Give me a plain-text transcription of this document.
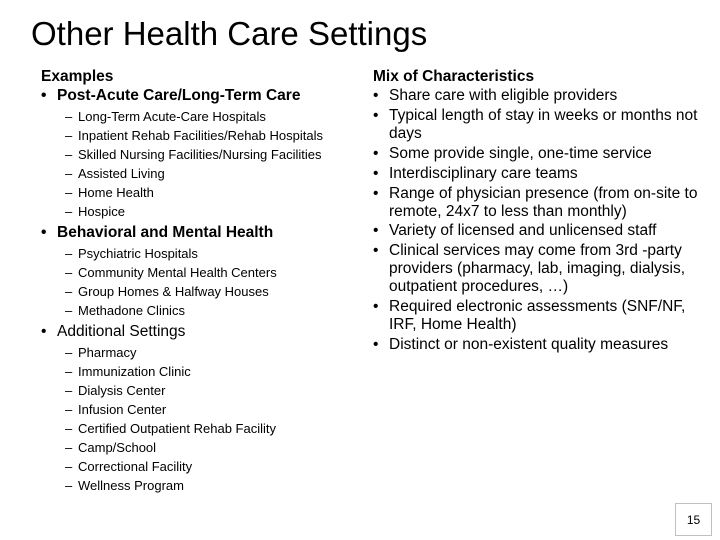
Other Health Care Settings
Examples
• Post-Acute Care/Long-Term Care
– Long-Term Acute-Care Hospitals
– Inpatient Rehab Facilities/Rehab Hospitals
– Skilled Nursing Facilities/Nursing Facilities
– Assisted Living
– Home Health
– Hospice
• Behavioral and Mental Health
– Psychiatric Hospitals
– Community Mental Health Centers
– Group Homes & Halfway Houses
– Methadone Clinics
• Additional Settings
– Pharmacy
– Immunization Clinic
– Dialysis Center
– Infusion Center
– Certified Outpatient Rehab Facility
– Camp/School
– Correctional Facility
– Wellness Program
Mix of Characteristics
• Share care with eligible providers
• Typical length of stay in weeks or months not days
• Some provide single, one-time service
• Interdisciplinary care teams
• Range of physician presence (from on-site to remote, 24x7 to less than monthly)
• Variety of licensed and unlicensed staff
• Clinical services may come from 3rd -party providers (pharmacy, lab, imaging, dialysis, outpatient procedures, …)
• Required electronic assessments (SNF/NF, IRF, Home Health)
• Distinct or non-existent quality measures
15
